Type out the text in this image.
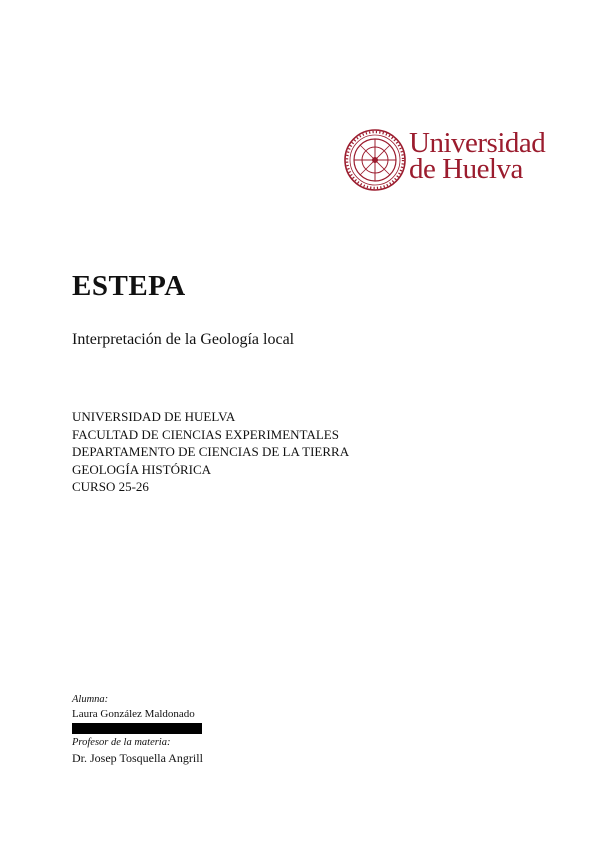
Universidad
de Huelva
ESTEPA
Interpretación de la Geología local
UNIVERSIDAD DE HUELVA
FACULTAD DE CIENCIAS EXPERIMENTALES
DEPARTAMENTO DE CIENCIAS DE LA TIERRA
GEOLOGÍA HISTÓRICA
CURSO 25-26
Alumna:
Laura González Maldonado
Profesor de la materia:
Dr. Josep Tosquella Angrill
